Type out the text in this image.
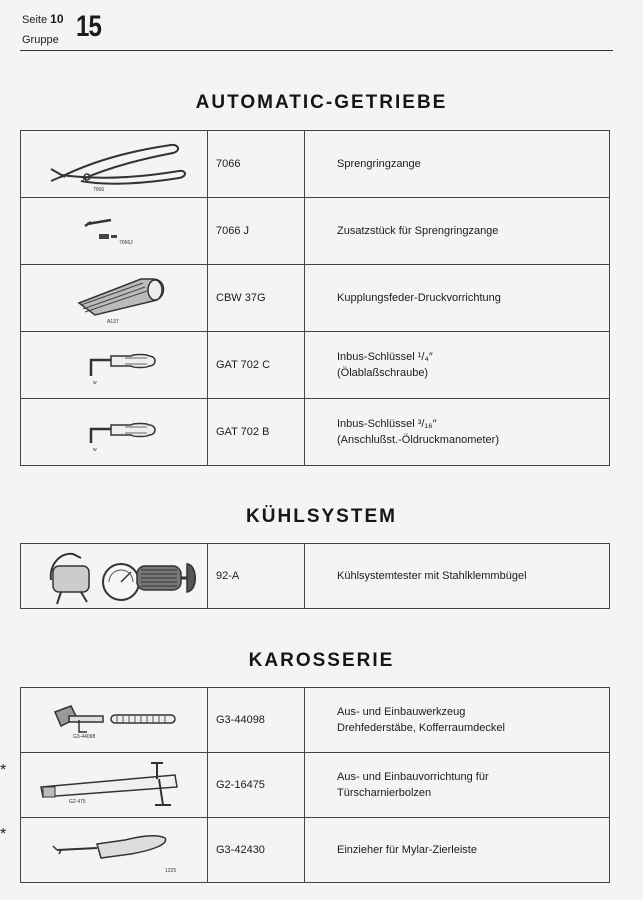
Seite 10
Gruppe 15
AUTOMATIC-GETRIEBE
7066	7066	Sprengringzange

7066J	7066 J	Zusatzstück für Sprengringzange

A137	CBW 37G	Kupplungsfeder-Druckvorrichtung

w	GAT 702 C	Inbus-Schlüssel ¹/₄″
(Ölablaßschraube)

w	GAT 702 B	Inbus-Schlüssel ³/₁₆″
(Anschlußst.-Öldruckmanometer)
KÜHLSYSTEM
	92-A	Kühlsystemtester mit Stahlklemmbügel
KAROSSERIE
G3-44098	G3-44098	Aus- und Einbauwerkzeug
Drehfederstäbe, Kofferraumdeckel

G2-475	G2-16475	Aus- und Einbauvorrichtung für
Türscharnierbolzen

1225	G3-42430	Einzieher für Mylar-Zierleiste
*
*
